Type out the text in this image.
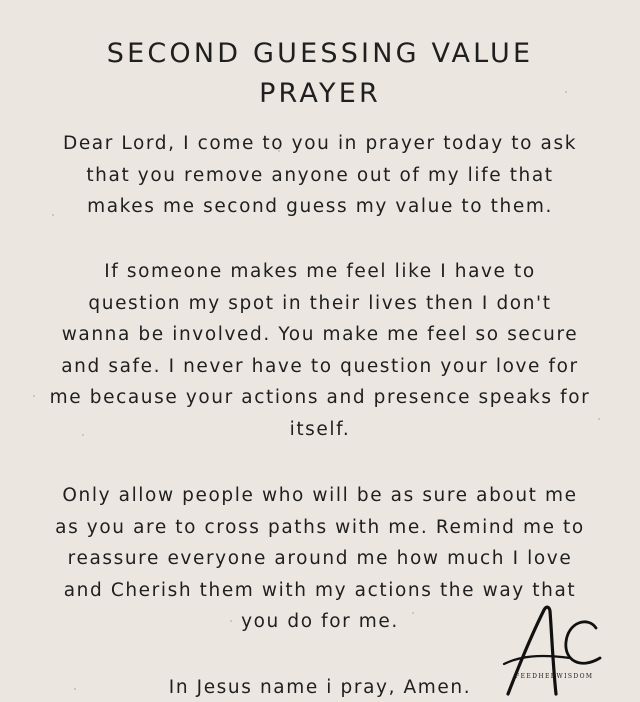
SECOND GUESSING VALUE
PRAYER

Dear Lord, I come to you in prayer today to ask
that you remove anyone out of my life that
makes me second guess my value to them.

If someone makes me feel like I have to
question my spot in their lives then I don't
wanna be involved. You make me feel so secure
and safe. I never have to question your love for
me because your actions and presence speaks for
itself.

Only allow people who will be as sure about me
as you are to cross paths with me. Remind me to
reassure everyone around me how much I love
and Cherish them with my actions the way that
you do for me.

In Jesus name i pray, Amen.

FEEDHERWISDOM
